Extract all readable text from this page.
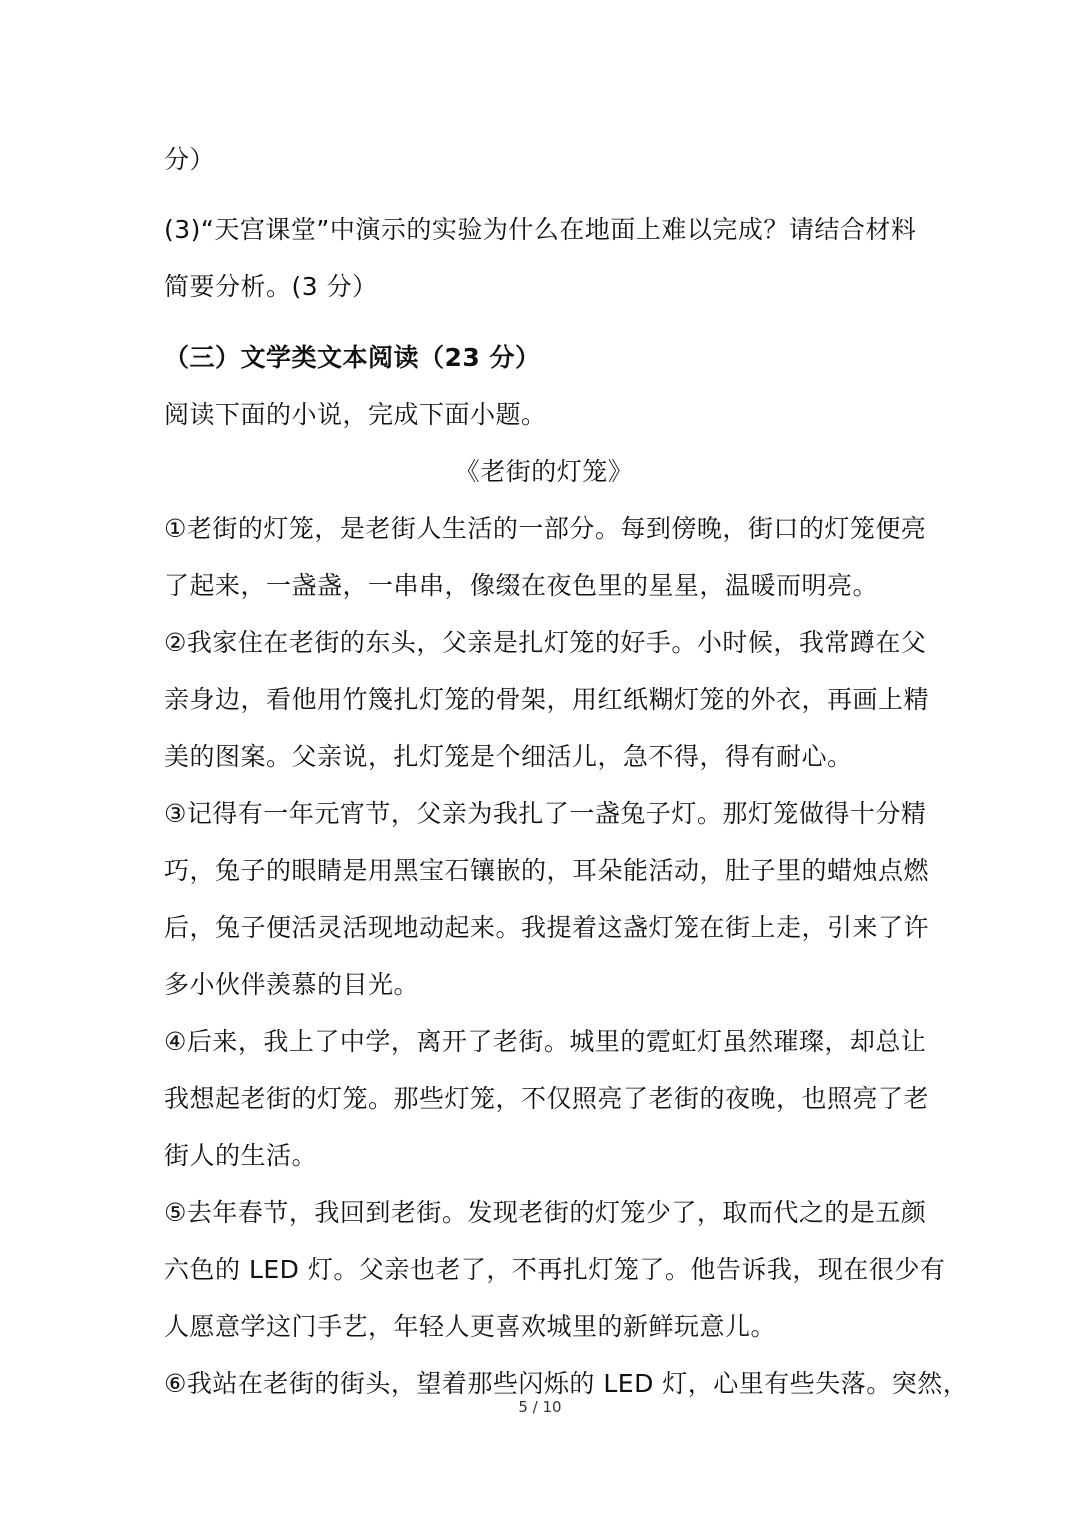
分）
(3)“天宫课堂”中演示的实验为什么在地面上难以完成？请结合材料
简要分析。(3 分）
（三）文学类文本阅读（23 分）
阅读下面的小说，完成下面小题。
《老街的灯笼》
①老街的灯笼，是老街人生活的一部分。每到傍晚，街口的灯笼便亮
了起来，一盏盏，一串串，像缀在夜色里的星星，温暖而明亮。
②我家住在老街的东头，父亲是扎灯笼的好手。小时候，我常蹲在父
亲身边，看他用竹篾扎灯笼的骨架，用红纸糊灯笼的外衣，再画上精
美的图案。父亲说，扎灯笼是个细活儿，急不得，得有耐心。
③记得有一年元宵节，父亲为我扎了一盏兔子灯。那灯笼做得十分精
巧，兔子的眼睛是用黑宝石镶嵌的，耳朵能活动，肚子里的蜡烛点燃
后，兔子便活灵活现地动起来。我提着这盏灯笼在街上走，引来了许
多小伙伴羡慕的目光。
④后来，我上了中学，离开了老街。城里的霓虹灯虽然璀璨，却总让
我想起老街的灯笼。那些灯笼，不仅照亮了老街的夜晚，也照亮了老
街人的生活。
⑤去年春节，我回到老街。发现老街的灯笼少了，取而代之的是五颜
六色的 LED 灯。父亲也老了，不再扎灯笼了。他告诉我，现在很少有
人愿意学这门手艺，年轻人更喜欢城里的新鲜玩意儿。
⑥我站在老街的街头，望着那些闪烁的 LED 灯，心里有些失落。突然，
5 / 10
